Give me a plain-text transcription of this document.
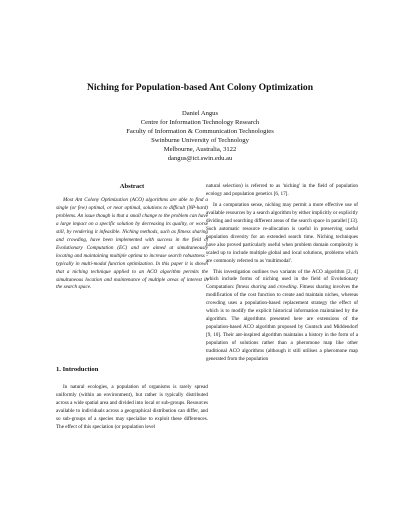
Niching for Population-based Ant Colony Optimization
Daniel Angus
Centre for Information Technology Research
Faculty of Information & Communication Technologies
Swinburne University of Technology
Melbourne, Australia, 3122
dangus@ict.swin.edu.au
Abstract

Most Ant Colony Optimization (ACO) algorithms are able to find a single (or few) optimal, or near optimal, solutions to difficult (NP-hard) problems. An issue though is that a small change to the problem can have a large impact on a specific solution by decreasing its quality, or worse still, by rendering it infeasible. Niching methods, such as fitness sharing and crowding, have been implemented with success in the field of Evolutionary Computation (EC) and are aimed at simultaneously locating and maintaining multiple optima to increase search robustness - typically in multi-modal function optimization. In this paper it is shown that a niching technique applied to an ACO algorithm permits the simultaneous location and maintenance of multiple areas of interest in the search space.

1. Introduction

In natural ecologies, a population of organisms is rarely spread uniformly (within an environment), but rather is typically distributed across a wide spatial area and divided into local or sub-groups. Resources available to individuals across a geographical distribution can differ, and so sub-groups of a species may specialise to exploit these differences. The effect of this speciation (or population level

natural selection) is referred to as 'niching' in the field of population ecology and population genetics [6, 17].

In a computation sense, niching may permit a more effective use of available resources by a search algorithm by either implicitly or explicitly dividing and searching different areas of the search space in parallel [13]. Such automatic resource re-allocation is useful in preserving useful population diversity for an extended search time. Niching techniques have also proved particularly useful when problem domain complexity is scaled up to include multiple global and local solutions, problems which are commonly referred to as 'multimodal'.

This investigation outlines two variants of the ACO algorithm [2, 4] which include forms of niching used in the field of Evolutionary Computation: fitness sharing and crowding. Fitness sharing involves the modification of the cost function to create and maintain niches, whereas crowding uses a population-based replacement strategy the effect of which is to modify the explicit historical information maintained by the algorithm. The algorithms presented here are extensions of the population-based ACO algorithm proposed by Guntsch and Middendorf [9, 10]. Their ant-inspired algorithm maintains a history in the form of a population of solutions rather than a pheromone map like other traditional ACO algorithms (although it still utilises a pheromone map generated from the population
